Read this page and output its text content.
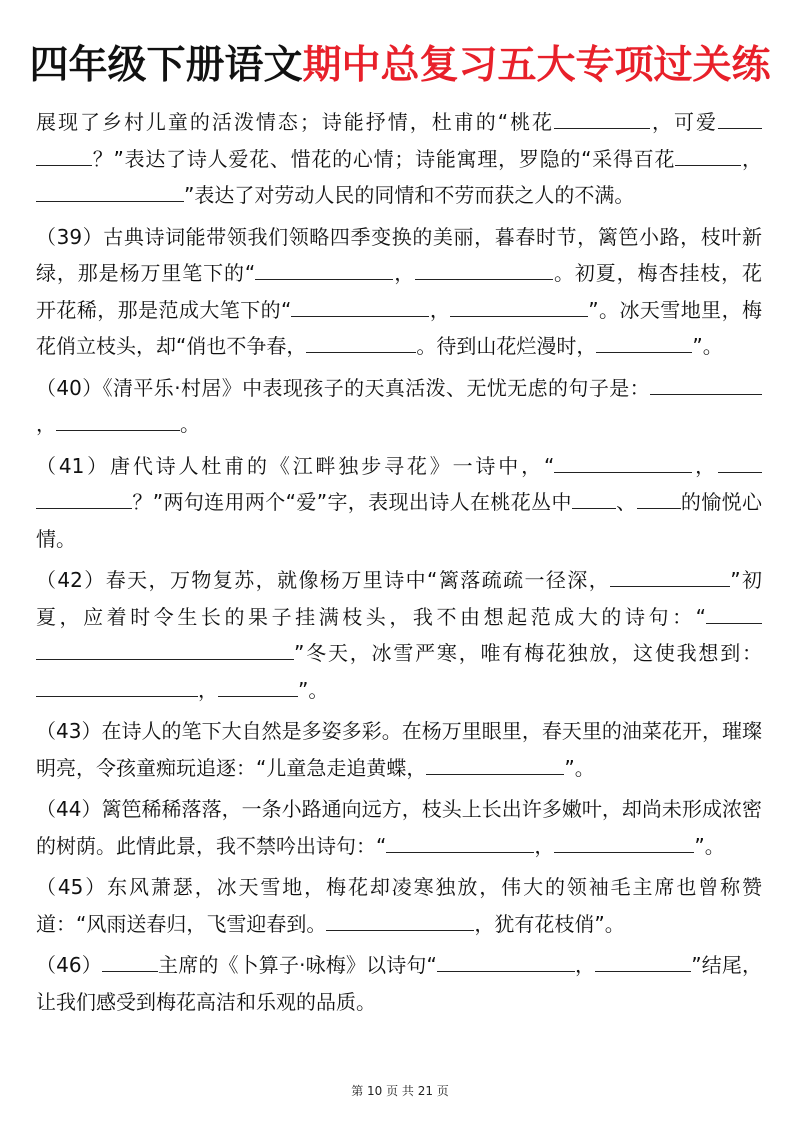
四年级下册语文期中总复习五大专项过关练
展现了乡村儿童的活泼情态；诗能抒情，杜甫的“桃花	，可爱？”表达了诗人爱花、惜花的心情；诗能寓理，罗隐的“采得百花	，”表达了对劳动人民的同情和不劳而获之人的不满。
（39）古典诗词能带领我们领略四季变换的美丽，暮春时节，篱笆小路，枝叶新绿，那是杨万里笔下的“	，	。初夏，梅杏挂枝，花开花稀，那是范成大笔下的“	，	”。冰天雪地里，梅花俏立枝头，却“俏也不争春，	。待到山花烂漫时，	”。
（40）《清平乐·村居》中表现孩子的天真活泼、无忧无虑的句子是：，	。
（41）唐代诗人杜甫的《江畔独步寻花》一诗中，“	，？”两句连用两个“爱”字，表现出诗人在桃花丛中 、 的愉悦心情。
（42）春天，万物复苏，就像杨万里诗中“篱落疏疏一径深，	”初夏，应着时令生长的果子挂满枝头，我不由想起范成大的诗句：“”冬天，冰雪严寒，唯有梅花独放，这使我想到：，	”。
（43）在诗人的笔下大自然是多姿多彩。在杨万里眼里，春天里的油菜花开，璀璨明亮，令孩童痴玩追逐：“儿童急走追黄蝶，	”。
（44）篱笆稀稀落落，一条小路通向远方，枝头上长出许多嫩叶，却尚未形成浓密的树荫。此情此景，我不禁吟出诗句：“	，	”。
（45）东风萧瑟，冰天雪地，梅花却凌寒独放，伟大的领袖毛主席也曾称赞道：“风雨送春归，飞雪迎春到。	，犹有花枝俏”。
（46）	主席的《卜算子·咏梅》以诗句“	，	”结尾，让我们感受到梅花高洁和乐观的品质。
第 10 页 共 21 页
